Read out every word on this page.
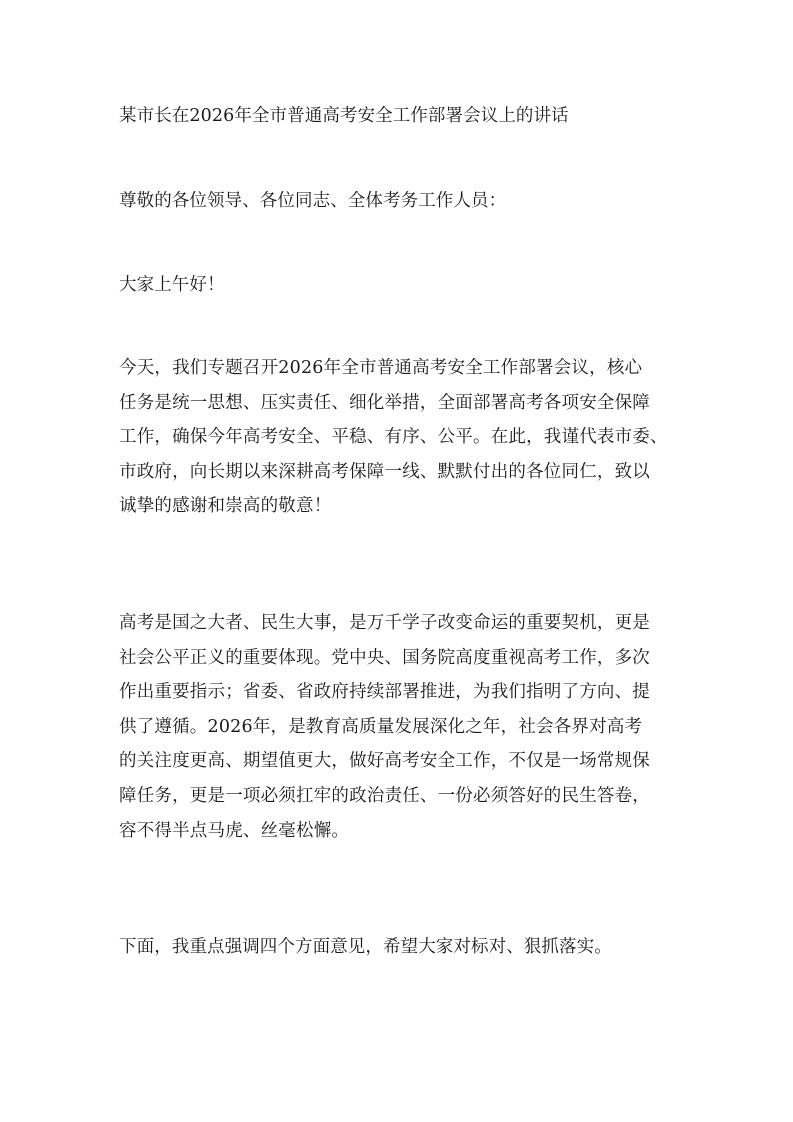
某市长在2026年全市普通高考安全工作部署会议上的讲话
尊敬的各位领导、各位同志、全体考务工作人员：
大家上午好！
今天，我们专题召开2026年全市普通高考安全工作部署会议，核心
任务是统一思想、压实责任、细化举措，全面部署高考各项安全保障
工作，确保今年高考安全、平稳、有序、公平。在此，我谨代表市委、
市政府，向长期以来深耕高考保障一线、默默付出的各位同仁，致以
诚挚的感谢和崇高的敬意！
高考是国之大者、民生大事，是万千学子改变命运的重要契机，更是
社会公平正义的重要体现。党中央、国务院高度重视高考工作，多次
作出重要指示；省委、省政府持续部署推进，为我们指明了方向、提
供了遵循。2026年，是教育高质量发展深化之年，社会各界对高考
的关注度更高、期望值更大，做好高考安全工作，不仅是一场常规保
障任务，更是一项必须扛牢的政治责任、一份必须答好的民生答卷，
容不得半点马虎、丝毫松懈。
下面，我重点强调四个方面意见，希望大家对标对、狠抓落实。
